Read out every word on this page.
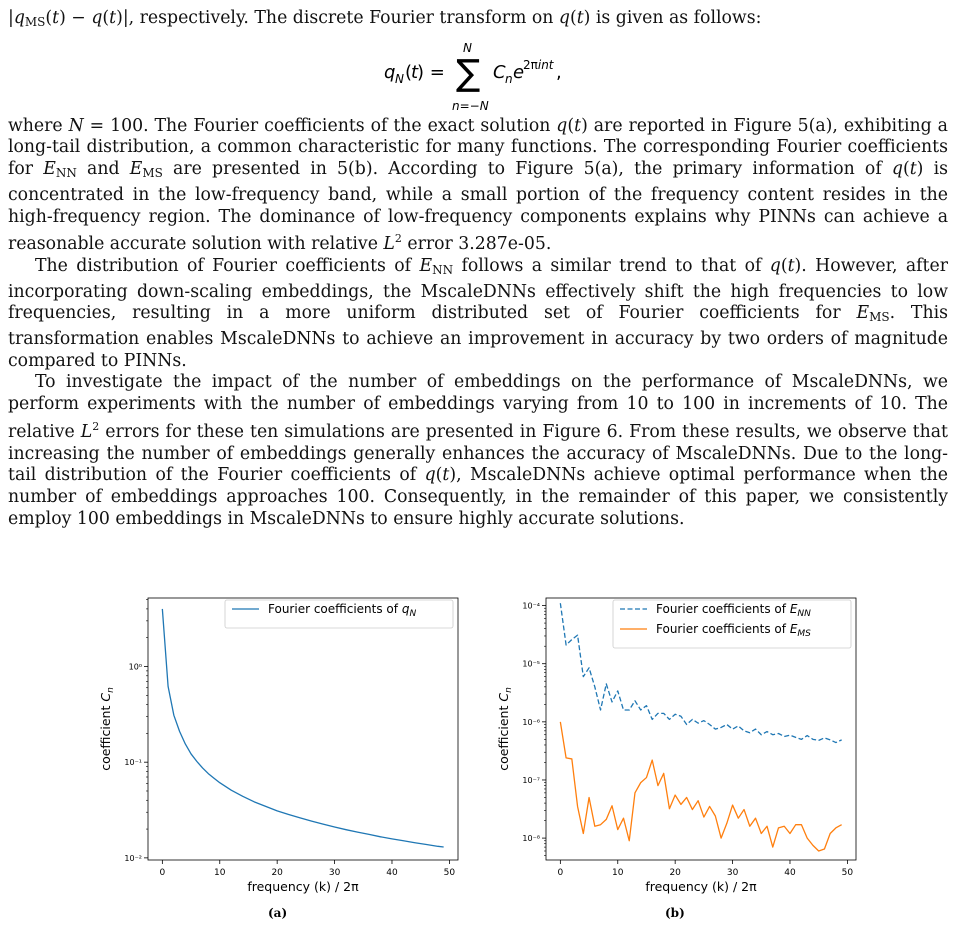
$|q_{MS}(t) - q(t)|$, respectively. The discrete Fourier transform on q(t) is given as follows:

q N (
t
) =
N
∑
n=−N
C n e
2πint ,

where N = 100. The Fourier coefficients of the exact solution q(t) are reported in Figure 5(a), exhibiting a long-tail distribution, a common characteristic for many functions. The corresponding Fourier coefficients for $E_{NN}$ and $E_{MS}$ are presented in 5(b). According to Figure 5(a), the primary information of q(t) is concentrated in the low-frequency band, while a small portion of the frequency content resides in the high-frequency region. The dominance of low-frequency components explains why PINNs can achieve a reasonable accurate solution with relative $L^2$ error 3.287e-05.

The distribution of Fourier coefficients of $E_{NN}$ follows a similar trend to that of q(t). However, after incorporating down-scaling embeddings, the MscaleDNNs effectively shift the high frequencies to low frequencies, resulting in a more uniform distributed set of Fourier coefficients for $E_{MS}$. This transformation enables MscaleDNNs to achieve an improvement in accuracy by two orders of magnitude compared to PINNs.

To investigate the impact of the number of embeddings on the performance of MscaleDNNs, we perform experiments with the number of embeddings varying from 10 to 100 in increments of 10. The relative $L^2$ errors for these ten simulations are presented in Figure 6. From these results, we observe that increasing the number of embeddings generally enhances the accuracy of MscaleDNNs. Due to the long-tail distribution of the Fourier coefficients of q(t), MscaleDNNs achieve optimal performance when the number of embeddings approaches 100. Consequently, in the remainder of this paper, we consistently employ 100 embeddings in MscaleDNNs to ensure highly accurate solutions.

0	10	20	30	40	50
10⁻²
10⁻¹
10⁰
frequency (k) / 2π
coefficient $C_n$
Fourier coefficients of $q_N$
0	10	20	30	40	50
10⁻⁸
10⁻⁷
10⁻⁶
10⁻⁵
10⁻⁴
frequency (k) / 2π
coefficient $C_n$
Fourier coefficients of $E_{NN}$
Fourier coefficients of $E_{MS}$
(a)	(b)
